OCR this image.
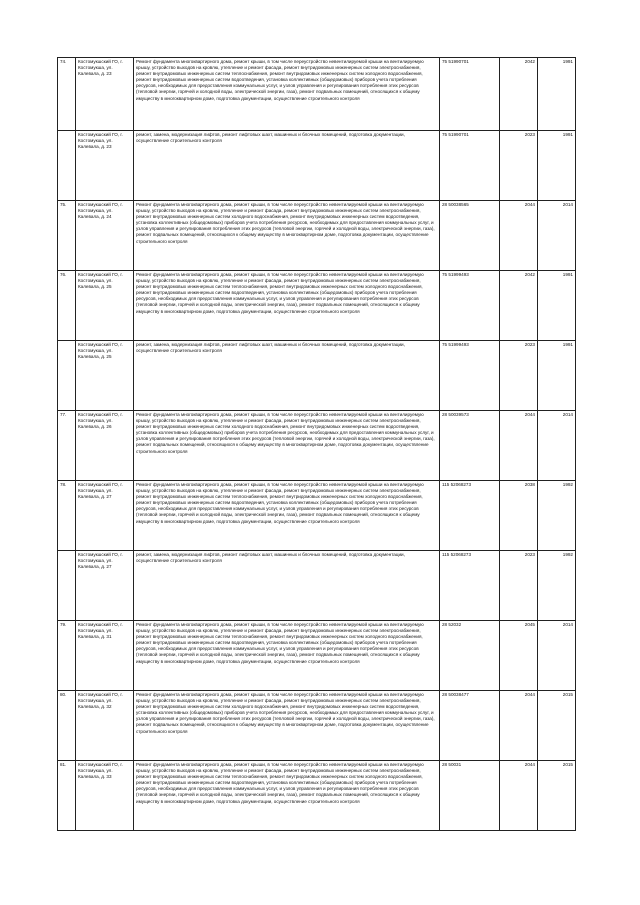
74.	Костомукшский ГО, г. Костомукша, ул. Калевала, д. 23	Ремонт фундамента многоквартирного дома, ремонт крыши, в том числе переустройство невентилируемой крыши на вентилируемую крышу, устройство выходов на кровлю, утепление и ремонт фасада, ремонт внутридомовых инженерных систем электроснабжения, ремонт внутридомовых инженерных систем теплоснабжения, ремонт внутридомовых инженерных систем холодного водоснабжения, ремонт внутридомовых инженерных систем водоотведения, установка коллективных (общедомовых) приборов учета потребления ресурсов, необходимых для предоставления коммунальных услуг, и узлов управления и регулирования потребления этих ресурсов (тепловой энергии, горячей и холодной воды, электрической энергии, газа), ремонт подвальных помещений, относящихся к общему имуществу в многоквартирном доме, подготовка документации, осуществление строительного контроля	75 51990701	2042	1991
	Костомукшский ГО, г. Костомукша, ул. Калевала, д. 23	ремонт, замена, модернизация лифтов, ремонт лифтовых шахт, машинных и блочных помещений, подготовка документации, осуществление строительного контроля	75 51990701	2023	1991
75.	Костомукшский ГО, г. Костомукша, ул. Калевала, д. 24	Ремонт фундамента многоквартирного дома, ремонт крыши, в том числе переустройство невентилируемой крыши на вентилируемую крышу, устройство выходов на кровлю, утепление и ремонт фасада, ремонт внутридомовых инженерных систем электроснабжения, ремонт внутридомовых инженерных систем холодного водоснабжения, ремонт внутридомовых инженерных систем водоотведения, установка коллективных (общедомовых) приборов учета потребления ресурсов, необходимых для предоставления коммунальных услуг, и узлов управления и регулирования потребления этих ресурсов (тепловой энергии, горячей и холодной воды, электрической энергии, газа), ремонт подвальных помещений, относящихся к общему имуществу в многоквартирном доме, подготовка документации, осуществление строительного контроля	28 50038565	2044	2014
76.	Костомукшский ГО, г. Костомукша, ул. Калевала, д. 25	Ремонт фундамента многоквартирного дома, ремонт крыши, в том числе переустройство невентилируемой крыши на вентилируемую крышу, устройство выходов на кровлю, утепление и ремонт фасада, ремонт внутридомовых инженерных систем электроснабжения, ремонт внутридомовых инженерных систем теплоснабжения, ремонт внутридомовых инженерных систем холодного водоснабжения, ремонт внутридомовых инженерных систем водоотведения, установка коллективных (общедомовых) приборов учета потребления ресурсов, необходимых для предоставления коммунальных услуг, и узлов управления и регулирования потребления этих ресурсов (тепловой энергии, горячей и холодной воды, электрической энергии, газа), ремонт подвальных помещений, относящихся к общему имуществу в многоквартирном доме, подготовка документации, осуществление строительного контроля	75 51999493	2042	1991
	Костомукшский ГО, г. Костомукша, ул. Калевала, д. 25	ремонт, замена, модернизация лифтов, ремонт лифтовых шахт, машинных и блочных помещений, подготовка документации, осуществление строительного контроля	75 51999493	2023	1991
77.	Костомукшский ГО, г. Костомукша, ул. Калевала, д. 26	Ремонт фундамента многоквартирного дома, ремонт крыши, в том числе переустройство невентилируемой крыши на вентилируемую крышу, устройство выходов на кровлю, утепление и ремонт фасада, ремонт внутридомовых инженерных систем электроснабжения, ремонт внутридомовых инженерных систем холодного водоснабжения, ремонт внутридомовых инженерных систем водоотведения, установка коллективных (общедомовых) приборов учета потребления ресурсов, необходимых для предоставления коммунальных услуг, и узлов управления и регулирования потребления этих ресурсов (тепловой энергии, горячей и холодной воды, электрической энергии, газа), ремонт подвальных помещений, относящихся к общему имуществу в многоквартирном доме, подготовка документации, осуществление строительного контроля	28 50039573	2044	2014
78.	Костомукшский ГО, г. Костомукша, ул. Калевала, д. 27	Ремонт фундамента многоквартирного дома, ремонт крыши, в том числе переустройство невентилируемой крыши на вентилируемую крышу, устройство выходов на кровлю, утепление и ремонт фасада, ремонт внутридомовых инженерных систем электроснабжения, ремонт внутридомовых инженерных систем теплоснабжения, ремонт внутридомовых инженерных систем холодного водоснабжения, ремонт внутридомовых инженерных систем водоотведения, установка коллективных (общедомовых) приборов учета потребления ресурсов, необходимых для предоставления коммунальных услуг, и узлов управления и регулирования потребления этих ресурсов (тепловой энергии, горячей и холодной воды, электрической энергии, газа), ремонт подвальных помещений, относящихся к общему имуществу в многоквартирном доме, подготовка документации, осуществление строительного контроля	115 52068273	2038	1992
	Костомукшский ГО, г. Костомукша, ул. Калевала, д. 27	ремонт, замена, модернизация лифтов, ремонт лифтовых шахт, машинных и блочных помещений, подготовка документации, осуществление строительного контроля	115 52068273	2023	1992
79.	Костомукшский ГО, г. Костомукша, ул. Калевала, д. 31	Ремонт фундамента многоквартирного дома, ремонт крыши, в том числе переустройство невентилируемой крыши на вентилируемую крышу, устройство выходов на кровлю, утепление и ремонт фасада, ремонт внутридомовых инженерных систем электроснабжения, ремонт внутридомовых инженерных систем теплоснабжения, ремонт внутридомовых инженерных систем холодного водоснабжения, ремонт внутридомовых инженерных систем водоотведения, установка коллективных (общедомовых) приборов учета потребления ресурсов, необходимых для предоставления коммунальных услуг, и узлов управления и регулирования потребления этих ресурсов (тепловой энергии, горячей и холодной воды, электрической энергии, газа), ремонт подвальных помещений, относящихся к общему имуществу в многоквартирном доме, подготовка документации, осуществление строительного контроля	28 52032	2045	2014
80.	Костомукшский ГО, г. Костомукша, ул. Калевала, д. 32	Ремонт фундамента многоквартирного дома, ремонт крыши, в том числе переустройство невентилируемой крыши на вентилируемую крышу, устройство выходов на кровлю, утепление и ремонт фасада, ремонт внутридомовых инженерных систем электроснабжения, ремонт внутридомовых инженерных систем холодного водоснабжения, ремонт внутридомовых инженерных систем водоотведения, установка коллективных (общедомовых) приборов учета потребления ресурсов, необходимых для предоставления коммунальных услуг, и узлов управления и регулирования потребления этих ресурсов (тепловой энергии, горячей и холодной воды, электрической энергии, газа), ремонт подвальных помещений, относящихся к общему имуществу в многоквартирном доме, подготовка документации, осуществление строительного контроля	28 50038477	2044	2015
81.	Костомукшский ГО, г. Костомукша, ул. Калевала, д. 33	Ремонт фундамента многоквартирного дома, ремонт крыши, в том числе переустройство невентилируемой крыши на вентилируемую крышу, устройство выходов на кровлю, утепление и ремонт фасада, ремонт внутридомовых инженерных систем электроснабжения, ремонт внутридомовых инженерных систем теплоснабжения, ремонт внутридомовых инженерных систем холодного водоснабжения, ремонт внутридомовых инженерных систем водоотведения, установка коллективных (общедомовых) приборов учета потребления ресурсов, необходимых для предоставления коммунальных услуг, и узлов управления и регулирования потребления этих ресурсов (тепловой энергии, горячей и холодной воды, электрической энергии, газа), ремонт подвальных помещений, относящихся к общему имуществу в многоквартирном доме, подготовка документации, осуществление строительного контроля	28 50031	2044	2015
